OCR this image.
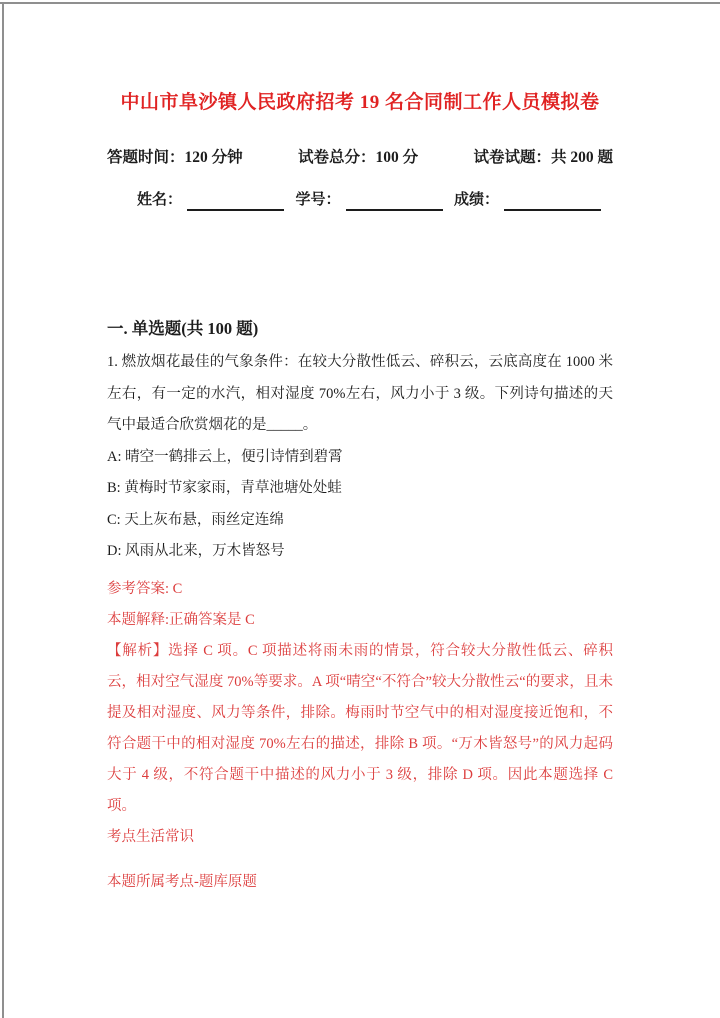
中山市阜沙镇人民政府招考 19 名合同制工作人员模拟卷
答题时间：120 分钟	试卷总分：100 分	试卷试题：共 200 题
姓名：	学号：	成绩：
一. 单选题(共 100 题)

1. 燃放烟花最佳的气象条件：在较大分散性低云、碎积云，云底高度在 1000 米左右，有一定的水汽，相对湿度 70%左右，风力小于 3 级。下列诗句描述的天气中最适合欣赏烟花的是_____。

A: 晴空一鹤排云上，便引诗情到碧霄

B: 黄梅时节家家雨，青草池塘处处蛙

C: 天上灰布悬，雨丝定连绵

D: 风雨从北来，万木皆怒号

参考答案: C

本题解释:正确答案是 C

【解析】选择 C 项。C 项描述将雨未雨的情景，符合较大分散性低云、碎积云，相对空气湿度 70%等要求。A 项“晴空“不符合”较大分散性云“的要求，且未提及相对湿度、风力等条件，排除。梅雨时节空气中的相对湿度接近饱和，不符合题干中的相对湿度 70%左右的描述，排除 B 项。“万木皆怒号”的风力起码大于 4 级，不符合题干中描述的风力小于 3 级，排除 D 项。因此本题选择 C 项。

考点生活常识

本题所属考点-题库原题
